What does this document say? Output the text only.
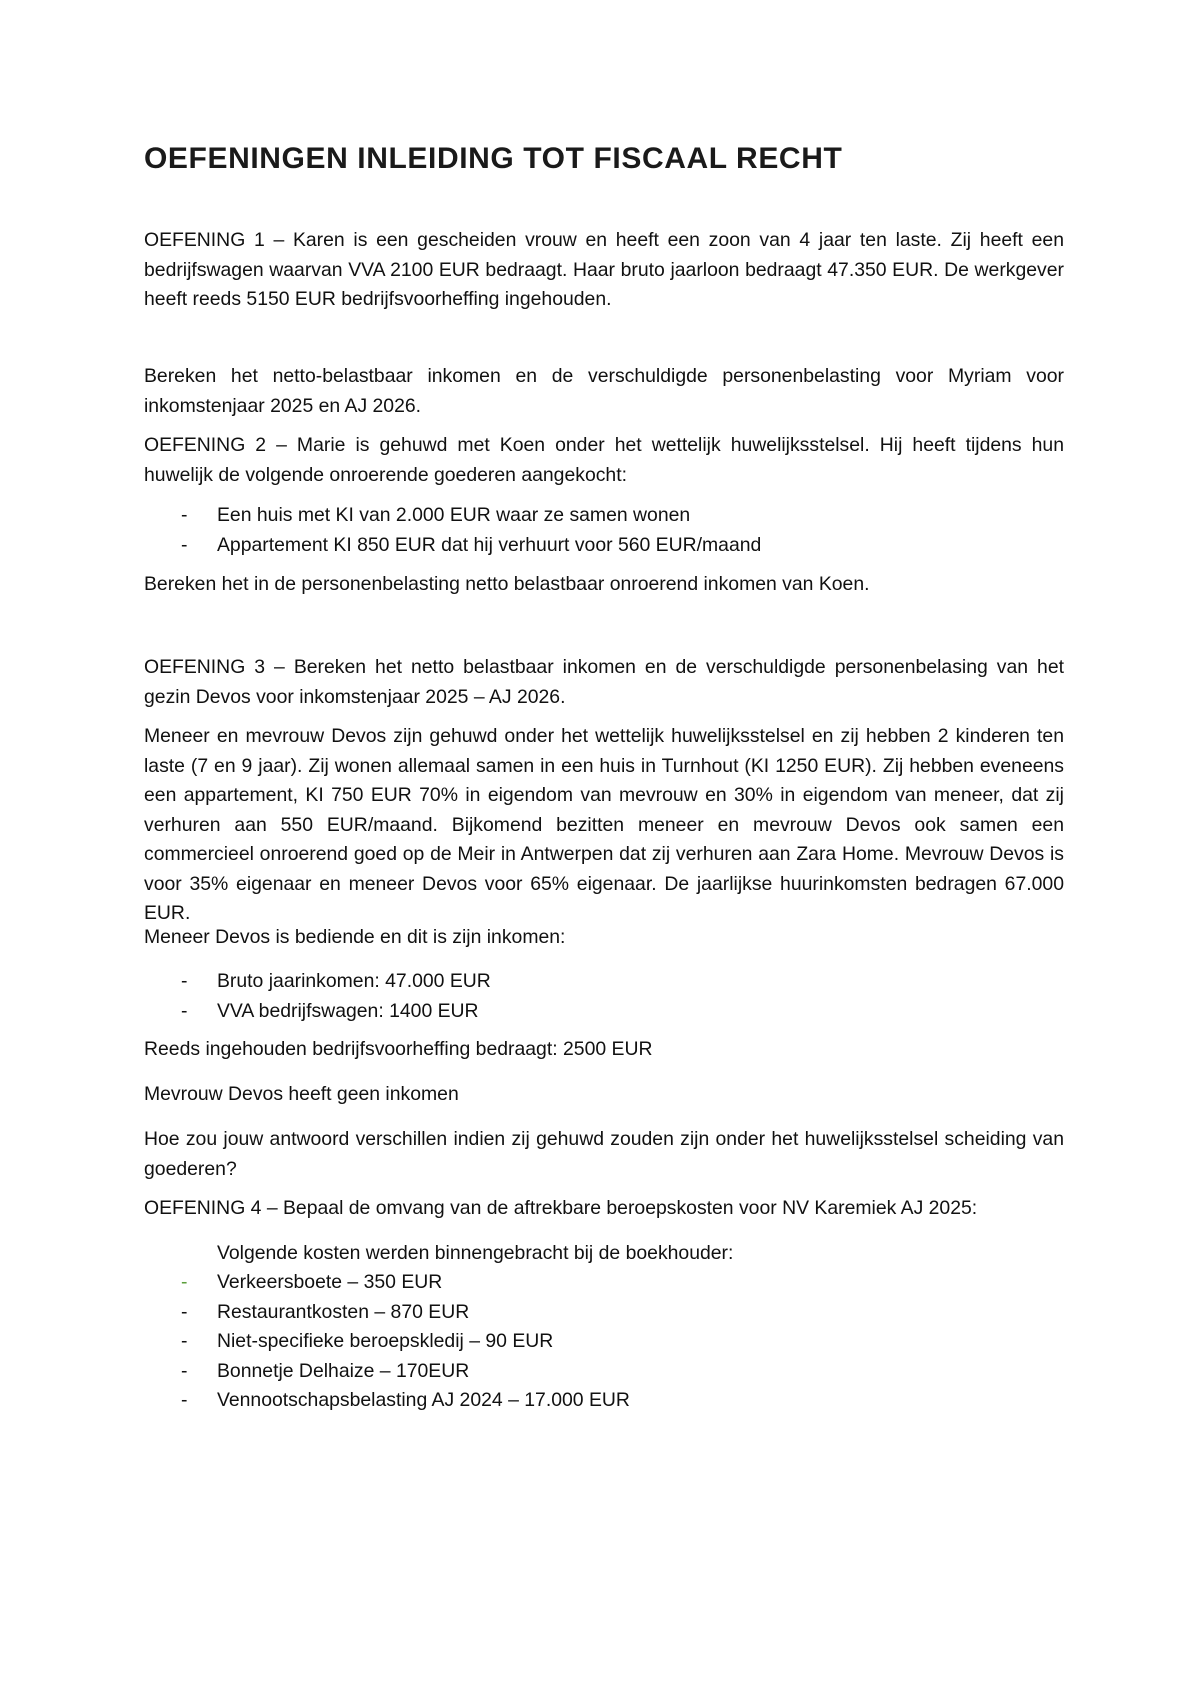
OEFENINGEN INLEIDING TOT FISCAAL RECHT

OEFENING 1 – Karen is een gescheiden vrouw en heeft een zoon van 4 jaar ten laste. Zij heeft een bedrijfswagen waarvan VVA 2100 EUR bedraagt. Haar bruto jaarloon bedraagt 47.350 EUR. De werkgever heeft reeds 5150 EUR bedrijfsvoorheffing ingehouden.

Bereken het netto-belastbaar inkomen en de verschuldigde personenbelasting voor Myriam voor inkomstenjaar 2025 en AJ 2026.

OEFENING 2 – Marie is gehuwd met Koen onder het wettelijk huwelijksstelsel. Hij heeft tijdens hun huwelijk de volgende onroerende goederen aangekocht:

- Een huis met KI van 2.000 EUR waar ze samen wonen
- Appartement KI 850 EUR dat hij verhuurt voor 560 EUR/maand

Bereken het in de personenbelasting netto belastbaar onroerend inkomen van Koen.

OEFENING 3 – Bereken het netto belastbaar inkomen en de verschuldigde personenbelasing van het gezin Devos voor inkomstenjaar 2025 – AJ 2026.

Meneer en mevrouw Devos zijn gehuwd onder het wettelijk huwelijksstelsel en zij hebben 2 kinderen ten laste (7 en 9 jaar). Zij wonen allemaal samen in een huis in Turnhout (KI 1250 EUR). Zij hebben eveneens een appartement, KI 750 EUR 70% in eigendom van mevrouw en 30% in eigendom van meneer, dat zij verhuren aan 550 EUR/maand. Bijkomend bezitten meneer en mevrouw Devos ook samen een commercieel onroerend goed op de Meir in Antwerpen dat zij verhuren aan Zara Home. Mevrouw Devos is voor 35% eigenaar en meneer Devos voor 65% eigenaar. De jaarlijkse huurinkomsten bedragen 67.000 EUR.

Meneer Devos is bediende en dit is zijn inkomen:

- Bruto jaarinkomen: 47.000 EUR
- VVA bedrijfswagen: 1400 EUR

Reeds ingehouden bedrijfsvoorheffing bedraagt: 2500 EUR

Mevrouw Devos heeft geen inkomen

Hoe zou jouw antwoord verschillen indien zij gehuwd zouden zijn onder het huwelijksstelsel scheiding van goederen?

OEFENING 4 – Bepaal de omvang van de aftrekbare beroepskosten voor NV Karemiek AJ 2025:

Volgende kosten werden binnengebracht bij de boekhouder:

- Verkeersboete – 350 EUR
- Restaurantkosten – 870 EUR
- Niet-specifieke beroepskledij – 90 EUR
- Bonnetje Delhaize – 170EUR
- Vennootschapsbelasting AJ 2024 – 17.000 EUR
